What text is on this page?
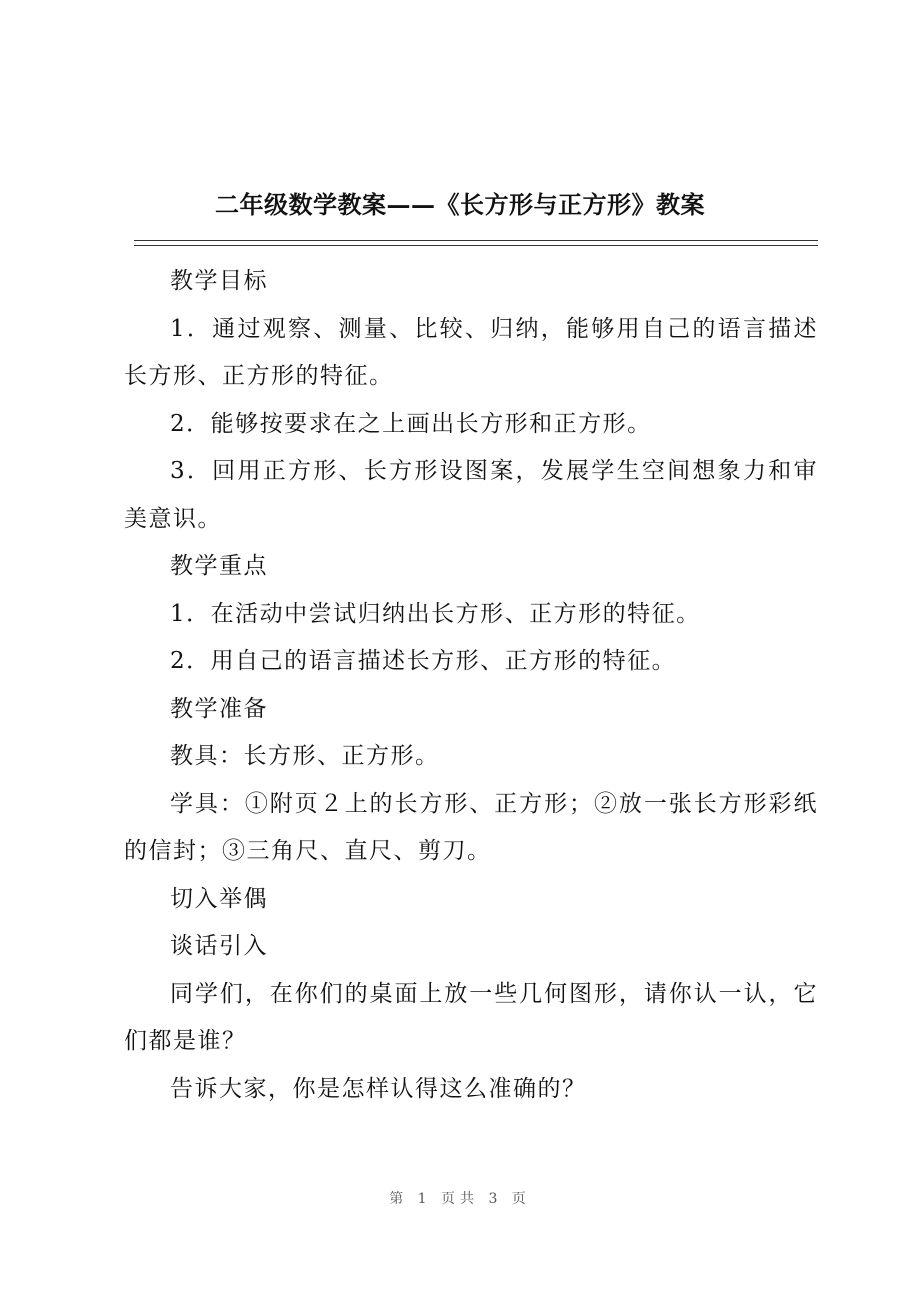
二年级数学教案——《长方形与正方形》教案

教学目标

1．通过观察、测量、比较、归纳，能够用自己的语言描述长方形、正方形的特征。

2．能够按要求在之上画出长方形和正方形。

3．回用正方形、长方形设图案，发展学生空间想象力和审美意识。

教学重点

1．在活动中尝试归纳出长方形、正方形的特征。

2．用自己的语言描述长方形、正方形的特征。

教学准备

教具：长方形、正方形。

学具：①附页２上的长方形、正方形；②放一张长方形彩纸的信封；③三角尺、直尺、剪刀。

切入举偶

谈话引入

同学们，在你们的桌面上放一些几何图形，请你认一认，它们都是谁？

告诉大家，你是怎样认得这么准确的？

第 1 页共 3 页
